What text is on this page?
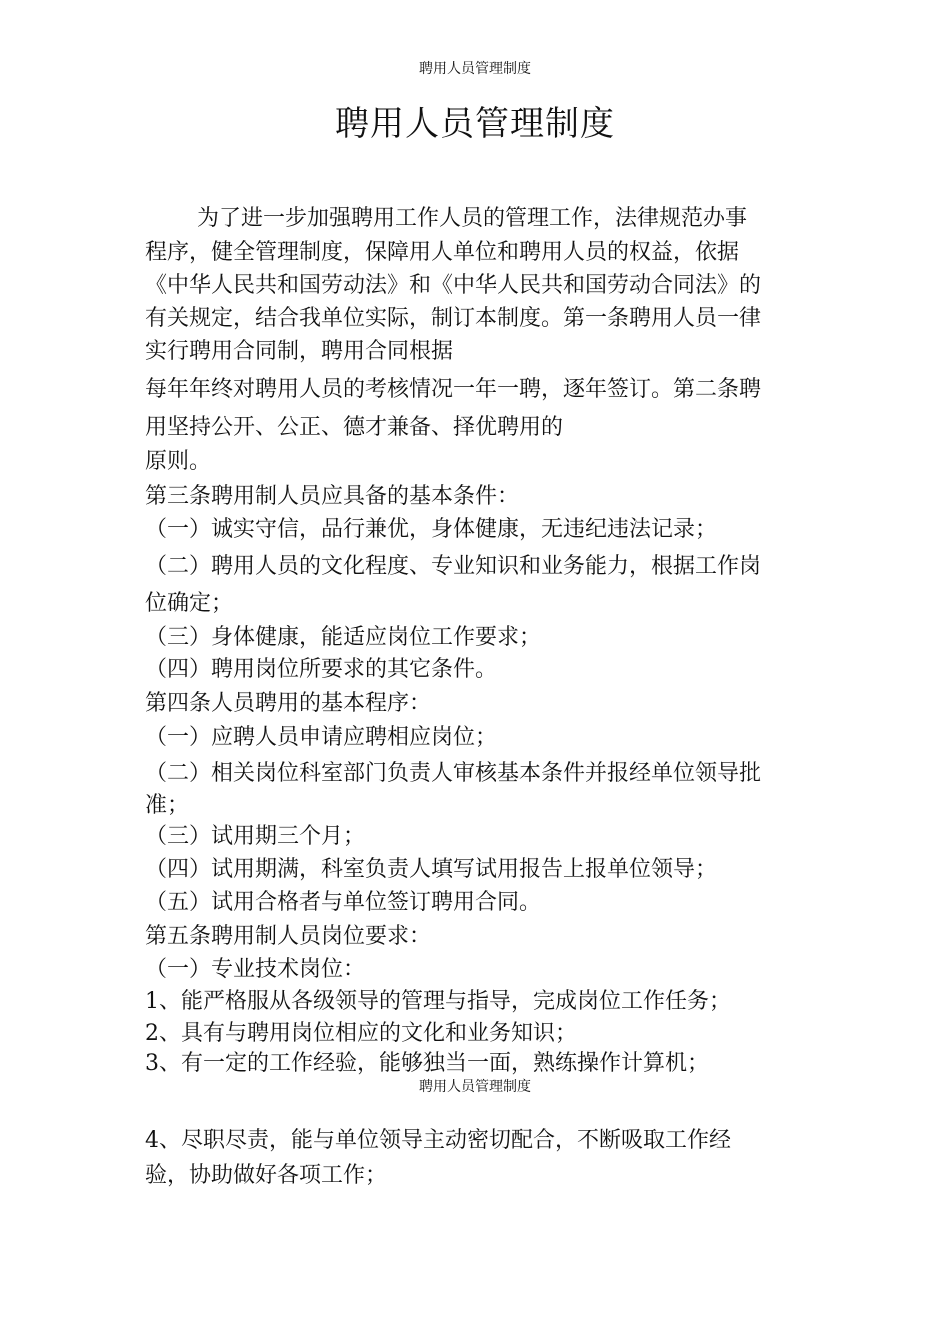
聘用人员管理制度
聘用人员管理制度
为了进一步加强聘用工作人员的管理工作，法律规范办事
程序，健全管理制度，保障用人单位和聘用人员的权益，依据
《中华人民共和国劳动法》和《中华人民共和国劳动合同法》的
有关规定，结合我单位实际，制订本制度。第一条聘用人员一律
实行聘用合同制，聘用合同根据
每年年终对聘用人员的考核情况一年一聘，逐年签订。第二条聘
用坚持公开、公正、德才兼备、择优聘用的
原则。
第三条聘用制人员应具备的基本条件：
（一）诚实守信，品行兼优，身体健康，无违纪违法记录；
（二）聘用人员的文化程度、专业知识和业务能力，根据工作岗
位确定；
（三）身体健康，能适应岗位工作要求；
（四）聘用岗位所要求的其它条件。
第四条人员聘用的基本程序：
（一）应聘人员申请应聘相应岗位；
（二）相关岗位科室部门负责人审核基本条件并报经单位领导批
准；
（三）试用期三个月；
（四）试用期满，科室负责人填写试用报告上报单位领导；
（五）试用合格者与单位签订聘用合同。
第五条聘用制人员岗位要求：
（一）专业技术岗位：
1、能严格服从各级领导的管理与指导，完成岗位工作任务；
2、具有与聘用岗位相应的文化和业务知识；
3、有一定的工作经验，能够独当一面，熟练操作计算机；
聘用人员管理制度
4、尽职尽责，能与单位领导主动密切配合，不断吸取工作经
验，协助做好各项工作；
